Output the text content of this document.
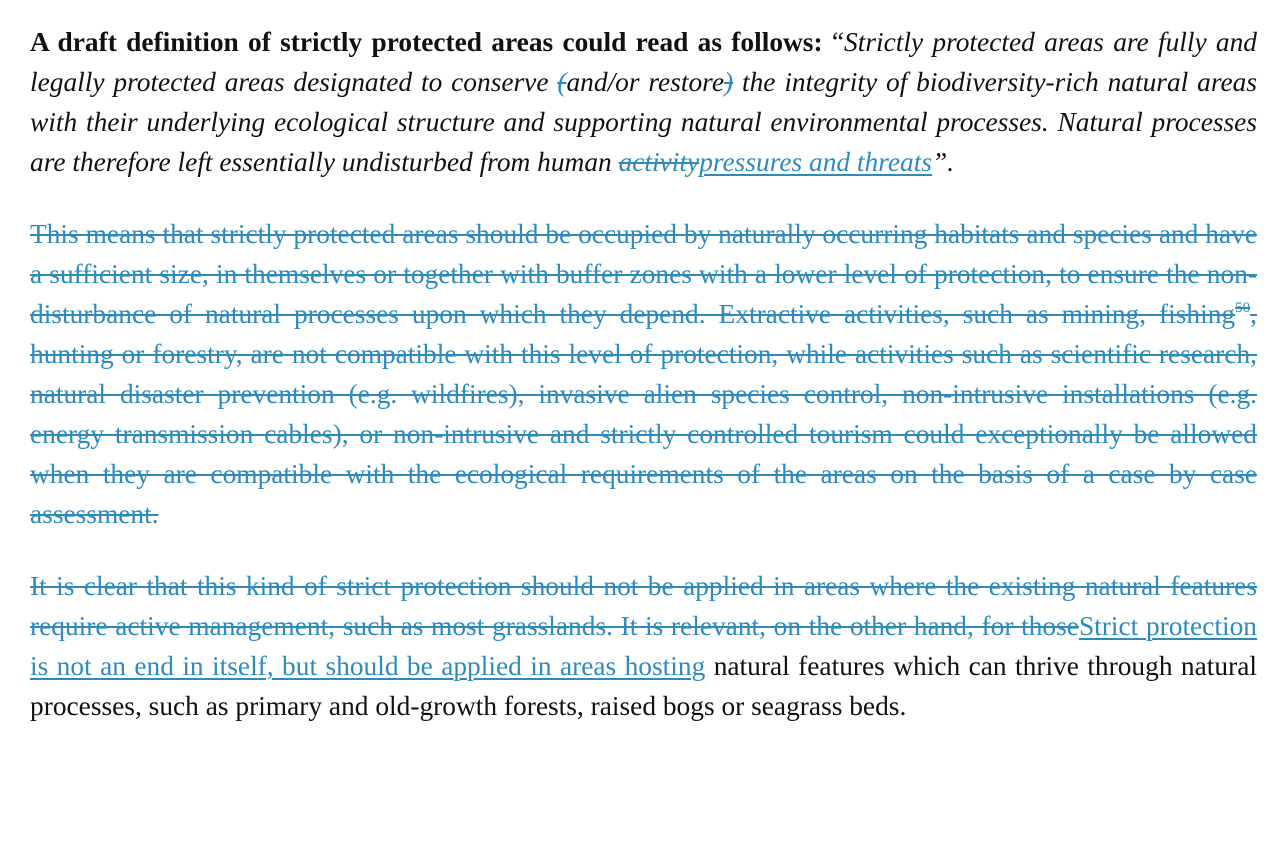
A draft definition of strictly protected areas could read as follows: “Strictly protected areas are fully and legally protected areas designated to conserve (and/or restore) the integrity of biodiversity-rich natural areas with their underlying ecological structure and supporting natural environmental processes. Natural processes are therefore left essentially undisturbed from human activitypressures and threats”.

This means that strictly protected areas should be occupied by naturally occurring habitats and species and have a sufficient size, in themselves or together with buffer zones with a lower level of protection, to ensure the non-disturbance of natural processes upon which they depend. Extractive activities, such as mining, fishing$^{50}$, hunting or forestry, are not compatible with this level of protection, while activities such as scientific research, natural disaster prevention (e.g. wildfires), invasive alien species control, non-intrusive installations (e.g. energy transmission cables), or non-intrusive and strictly controlled tourism could exceptionally be allowed when they are compatible with the ecological requirements of the areas on the basis of a case by case assessment.

It is clear that this kind of strict protection should not be applied in areas where the existing natural features require active management, such as most grasslands. It is relevant, on the other hand, for thoseStrict protection is not an end in itself, but should be applied in areas hosting natural features which can thrive through natural processes, such as primary and old-growth forests, raised bogs or seagrass beds.
